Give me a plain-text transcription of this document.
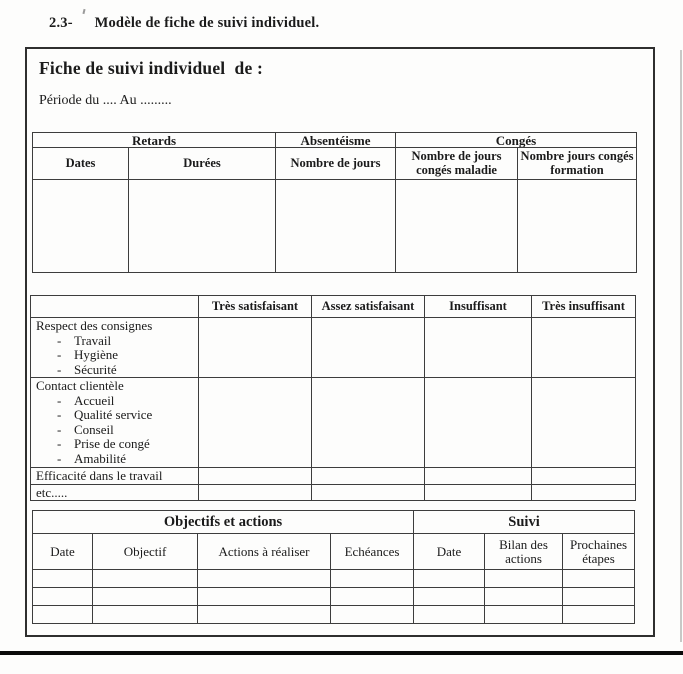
2.3- Modèle de fiche de suivi individuel.
Fiche de suivi individuel  de :
Période du .... Au .........
Retards		Absentéisme	Congés	
Dates	Durées	Nombre de jours	Nombre de jours congés maladie	Nombre jours congés formation

	Très satisfaisant	Assez satisfaisant	Insuffisant	Très insuffisant

Respect des consignes
- Travail
- Hygiène
- Sécurité

Contact clientèle
- Accueil
- Qualité service
- Conseil
- Prise de congé
- Amabilité

Efficacité dans le travail				

etc.....				

Objectifs et actions				Suivi		
Date	Objectif	Actions à réaliser	Echéances	Date	Bilan des actions	Prochaines étapes
